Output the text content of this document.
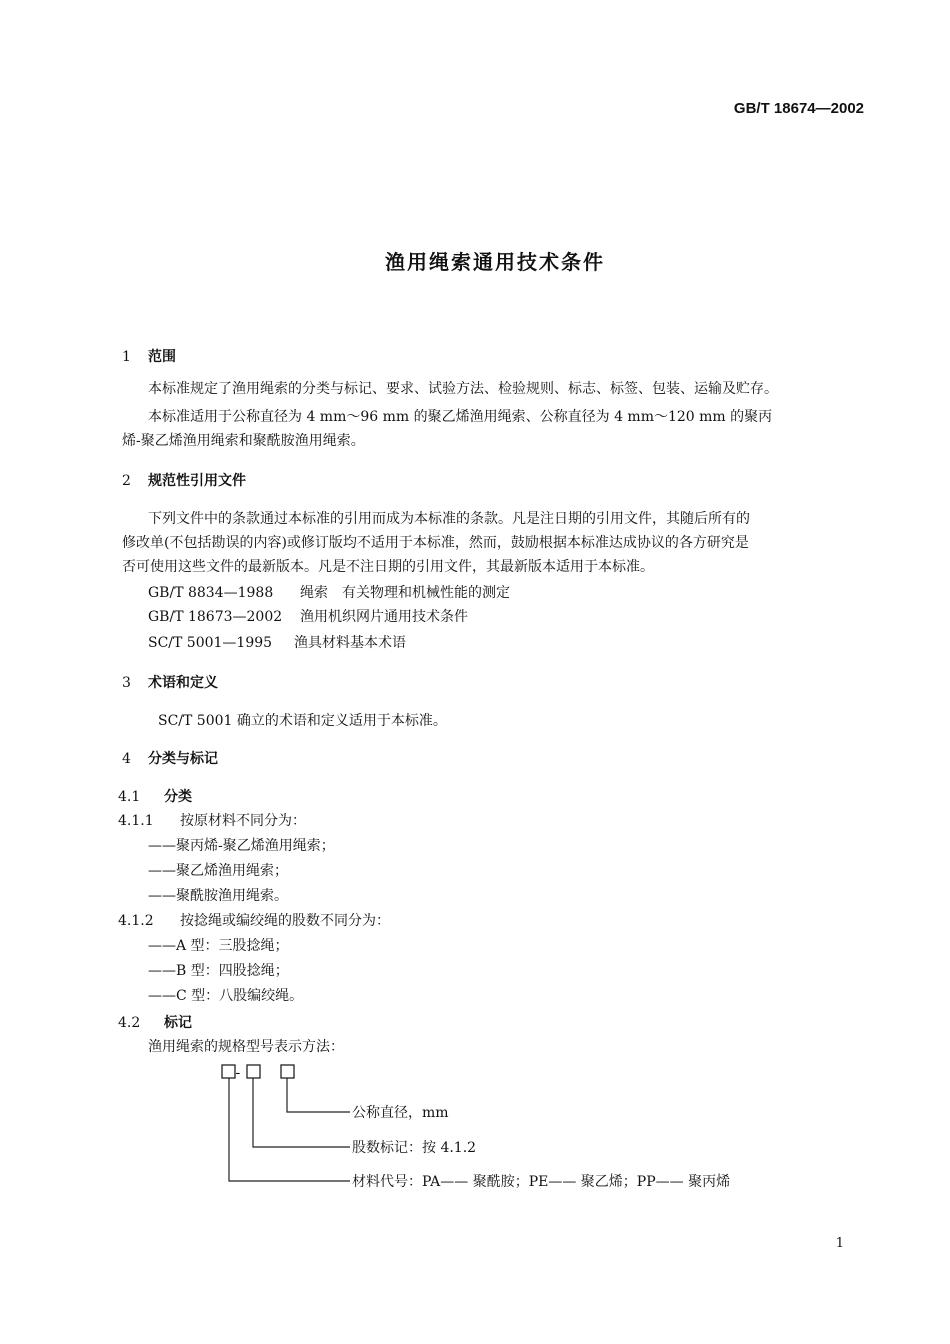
GB/T 18674—2002
渔用绳索通用技术条件
1 范围
本标准规定了渔用绳索的分类与标记、要求、试验方法、检验规则、标志、标签、包装、运输及贮存。
本标准适用于公称直径为 4 mm～96 mm 的聚乙烯渔用绳索、公称直径为 4 mm～120 mm 的聚丙
烯-聚乙烯渔用绳索和聚酰胺渔用绳索。
2 规范性引用文件
下列文件中的条款通过本标准的引用而成为本标准的条款。凡是注日期的引用文件，其随后所有的
修改单(不包括勘误的内容)或修订版均不适用于本标准，然而，鼓励根据本标准达成协议的各方研究是
否可使用这些文件的最新版本。凡是不注日期的引用文件，其最新版本适用于本标准。
GB/T 8834—1988 绳索　有关物理和机械性能的测定
GB/T 18673—2002 渔用机织网片通用技术条件
SC/T 5001—1995 渔具材料基本术语
3 术语和定义
SC/T 5001 确立的术语和定义适用于本标准。
4 分类与标记
4.1 分类
4.1.1 按原材料不同分为：
——聚丙烯-聚乙烯渔用绳索；
——聚乙烯渔用绳索；
——聚酰胺渔用绳索。
4.1.2 按捻绳或编绞绳的股数不同分为：
——A 型：三股捻绳；
——B 型：四股捻绳；
——C 型：八股编绞绳。
4.2 标记
渔用绳索的规格型号表示方法：
-
公称直径，mm
股数标记：按 4.1.2
材料代号：PA—— 聚酰胺；PE—— 聚乙烯；PP—— 聚丙烯
1
